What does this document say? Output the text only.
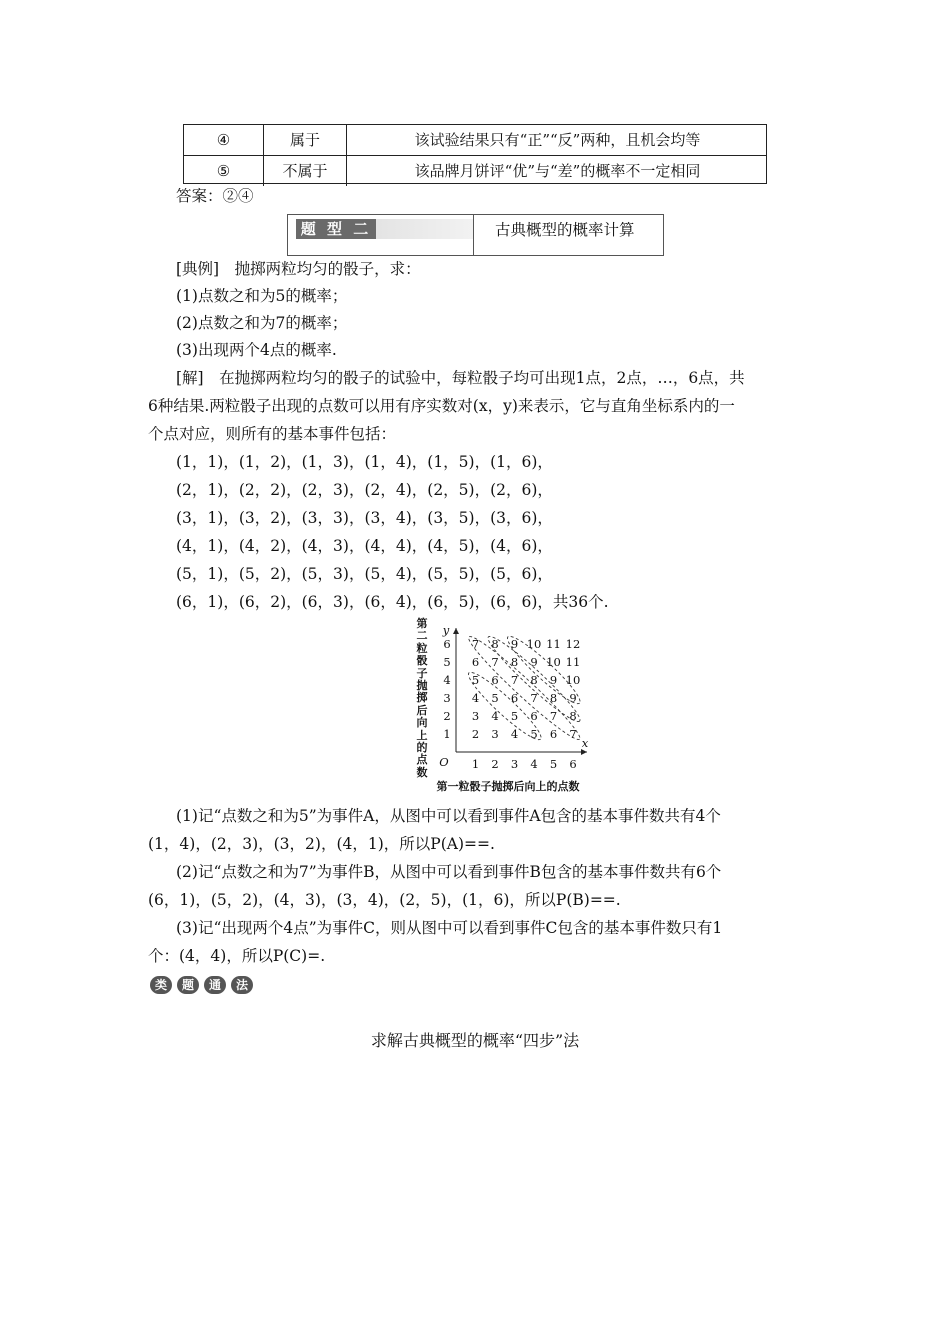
④	属于	该试验结果只有“正”“反”两种，且机会均等
⑤	不属于	该品牌月饼评“优”与“差”的概率不一定相同
答案：②④
题 型 二	古典概型的概率计算
[典例]　抛掷两粒均匀的骰子，求：
(1)点数之和为5的概率；
(2)点数之和为7的概率；
(3)出现两个4点的概率.
[解]　在抛掷两粒均匀的骰子的试验中，每粒骰子均可出现1点，2点，…，6点，共
6种结果.两粒骰子出现的点数可以用有序实数对(x，y)来表示，它与直角坐标系内的一
个点对应，则所有的基本事件包括：
(1，1)，(1，2)，(1，3)，(1，4)，(1，5)，(1，6)，
(2，1)，(2，2)，(2，3)，(2，4)，(2，5)，(2，6)，
(3，1)，(3，2)，(3，3)，(3，4)，(3，5)，(3，6)，
(4，1)，(4，2)，(4，3)，(4，4)，(4，5)，(4，6)，
(5，1)，(5，2)，(5，3)，(5，4)，(5，5)，(5，6)，
(6，1)，(6，2)，(6，3)，(6，4)，(6，5)，(6，6)，共36个.
第二粒骰子抛掷后向上的点数
x
y
O 1 2 3 4 5 6
1
2
3
4
5
6
2 3 4 5 6 7
3 4 5 6 7 8
4 5 6 7 8 9
5 6 7 8 9 10
6 7 8 9 10 11
7 8 9 10 11 12
第一粒骰子抛掷后向上的点数
(1)记“点数之和为5”为事件A，从图中可以看到事件A包含的基本事件数共有4个
(1，4)，(2，3)，(3，2)，(4，1)，所以P(A)==.
(2)记“点数之和为7”为事件B，从图中可以看到事件B包含的基本事件数共有6个
(6，1)，(5，2)，(4，3)，(3，4)，(2，5)，(1，6)，所以P(B)==.
(3)记“出现两个4点”为事件C，则从图中可以看到事件C包含的基本事件数只有1
个：(4，4)，所以P(C)=.
类	题	通	法
求解古典概型的概率“四步”法
